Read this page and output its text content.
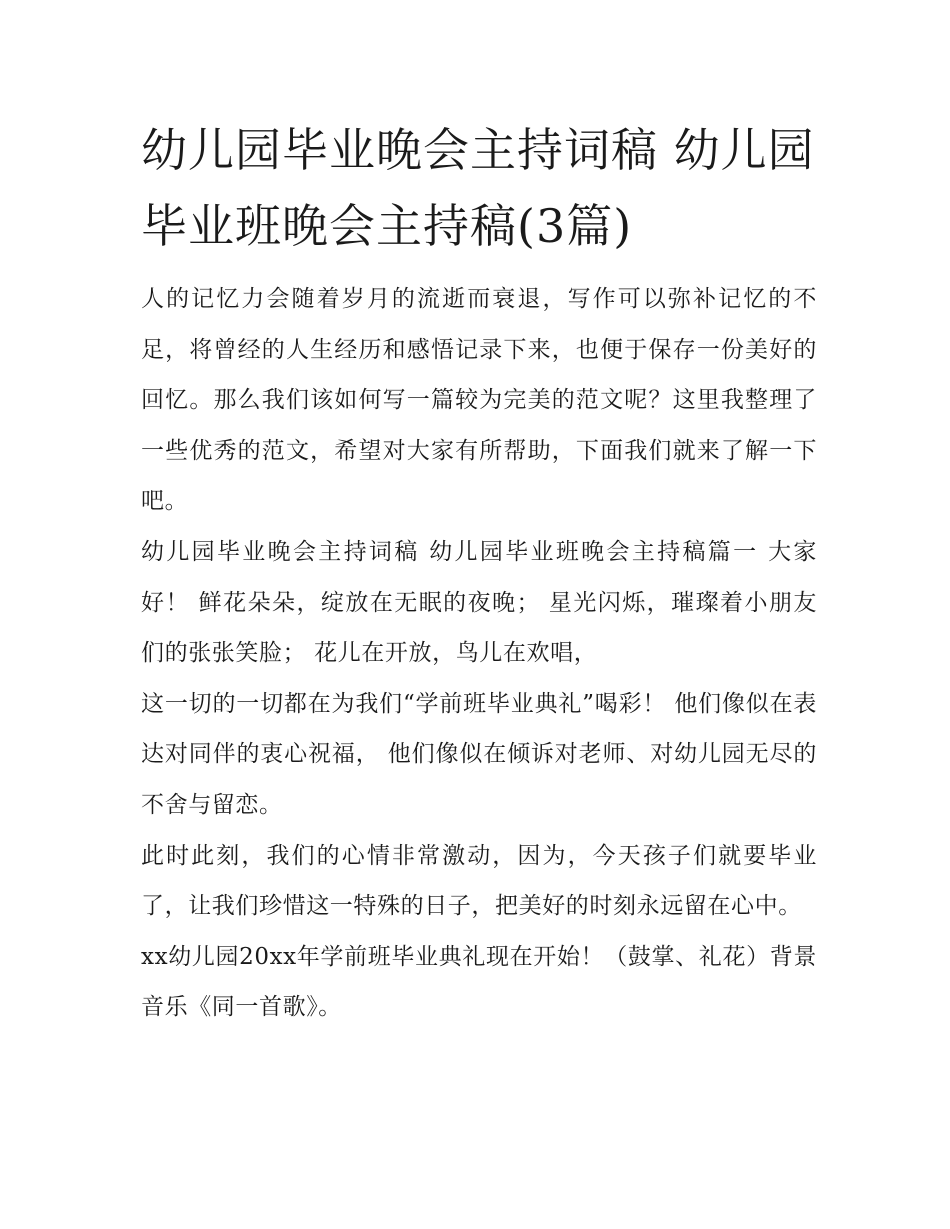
幼儿园毕业晚会主持词稿 幼儿园毕业班晚会主持稿(3篇)

人的记忆力会随着岁月的流逝而衰退，写作可以弥补记忆的不足，将曾经的人生经历和感悟记录下来，也便于保存一份美好的回忆。那么我们该如何写一篇较为完美的范文呢？这里我整理了一些优秀的范文，希望对大家有所帮助，下面我们就来了解一下吧。

幼儿园毕业晚会主持词稿 幼儿园毕业班晚会主持稿篇一 大家好！ 鲜花朵朵，绽放在无眠的夜晚； 星光闪烁，璀璨着小朋友们的张张笑脸； 花儿在开放，鸟儿在欢唱，

这一切的一切都在为我们“学前班毕业典礼”喝彩！ 他们像似在表达对同伴的衷心祝福， 他们像似在倾诉对老师、对幼儿园无尽的不舍与留恋。

此时此刻，我们的心情非常激动，因为，今天孩子们就要毕业了，让我们珍惜这一特殊的日子，把美好的时刻永远留在心中。

xx幼儿园20xx年学前班毕业典礼现在开始！（鼓掌、礼花）背景音乐《同一首歌》。
